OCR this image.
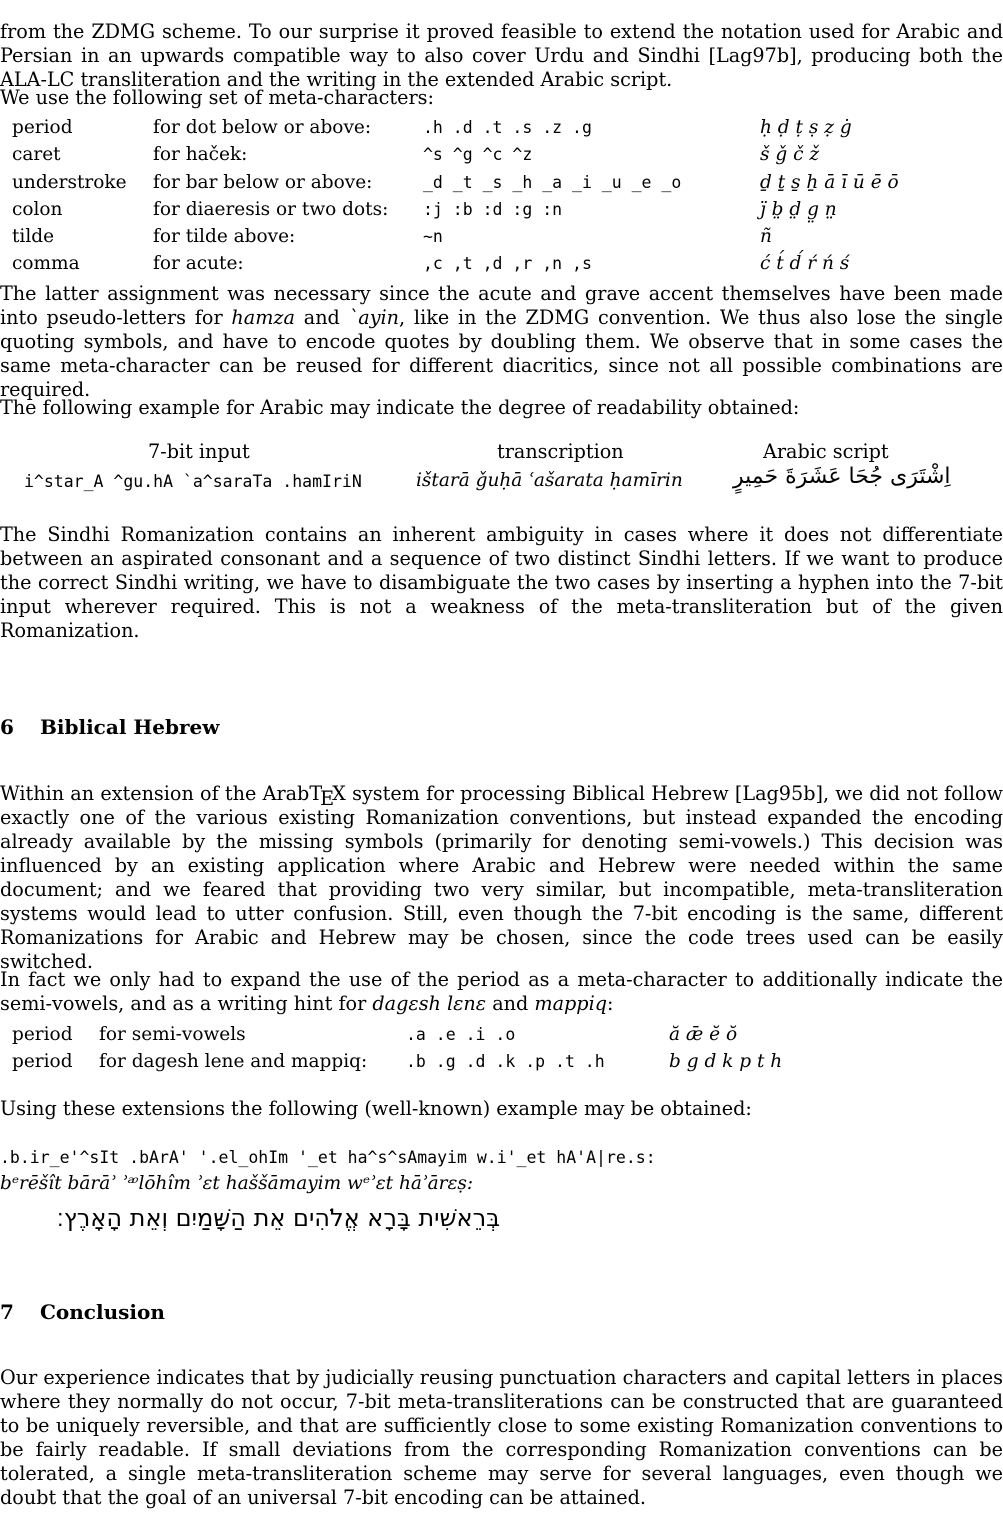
from the ZDMG scheme. To our surprise it proved feasible to extend the notation used for Arabic and Persian in an upwards compatible way to also cover Urdu and Sindhi [Lag97b], producing both the ALA-LC transliteration and the writing in the extended Arabic script.

We use the following set of meta-characters:

period	for dot below or above:	.h .d .t .s .z .g	ḥ ḍ ṭ ṣ ẓ ġ
caret	for haček:	^s ^g ^c ^z	š ǧ č ž
understroke	for bar below or above:	_d _t _s _h _a _i _u _e _o	ḏ ṯ s̱ ẖ ā ī ū ē ō
colon	for diaeresis or two dots:	:j :b :d :g :n	j̈ b̤ d̤ g̤ n̤
tilde	for tilde above:	~n	ñ
comma	for acute:	,c ,t ,d ,r ,n ,s	ć t́ d́ ŕ ń ś

The latter assignment was necessary since the acute and grave accent themselves have been made into pseudo-letters for hamza and `ayin, like in the ZDMG convention. We thus also lose the single quoting symbols, and have to encode quotes by doubling them. We observe that in some cases the same meta-character can be reused for different diacritics, since not all possible combinations are required.

The following example for Arabic may indicate the degree of readability obtained:

7-bit input	transcription	Arabic script
i^star_A ^gu.hA `a^saraTa .hamIriN	ištarā ǧuḥā ʿašarata ḥamīrin اِشْتَرَى جُحَا عَشَرَةَ حَمِيرٍ

The Sindhi Romanization contains an inherent ambiguity in cases where it does not differentiate between an aspirated consonant and a sequence of two distinct Sindhi letters. If we want to produce the correct Sindhi writing, we have to disambiguate the two cases by inserting a hyphen into the 7-bit input wherever required. This is not a weakness of the meta-transliteration but of the given Romanization.

6 Biblical Hebrew

Within an extension of the ArabTEX system for processing Biblical Hebrew [Lag95b], we did not follow exactly one of the various existing Romanization conventions, but instead expanded the encoding already available by the missing symbols (primarily for denoting semi-vowels.) This decision was influenced by an existing application where Arabic and Hebrew were needed within the same document; and we feared that providing two very similar, but incompatible, meta-transliteration systems would lead to utter confusion. Still, even though the 7-bit encoding is the same, different Romanizations for Arabic and Hebrew may be chosen, since the code trees used can be easily switched.

In fact we only had to expand the use of the period as a meta-character to additionally indicate the semi-vowels, and as a writing hint for dagɛsh lɛnɛ and mappiq:

period	for semi-vowels	.a .e .i .o	ă ǣ ĕ ŏ
period	for dagesh lene and mappiq:	.b .g .d .k .p .t .h	b g d k p t h

Using these extensions the following (well-known) example may be obtained:

.b.ir_e'^sIt .bArA' '.el_ohIm '_et ha^s^sAmayim w.i'_et hA'A|re.s:
bᵉrēšît bārāʾ ʾᵆlōhîm ʾɛt haššāmayim wᵉʾɛt hāʾārɛṣ:
בְּרֵאשִׁית בָּרָא אֱלֹהִים אֵת הַשָּׁמַיִם וְאֵת הָאָרֶץ׃
7 Conclusion

Our experience indicates that by judicially reusing punctuation characters and capital letters in places where they normally do not occur, 7-bit meta-transliterations can be constructed that are guaranteed to be uniquely reversible, and that are sufficiently close to some existing Romanization conventions to be fairly readable. If small deviations from the corresponding Romanization conventions can be tolerated, a single meta-transliteration scheme may serve for several languages, even though we doubt that the goal of an universal 7-bit encoding can be attained.
